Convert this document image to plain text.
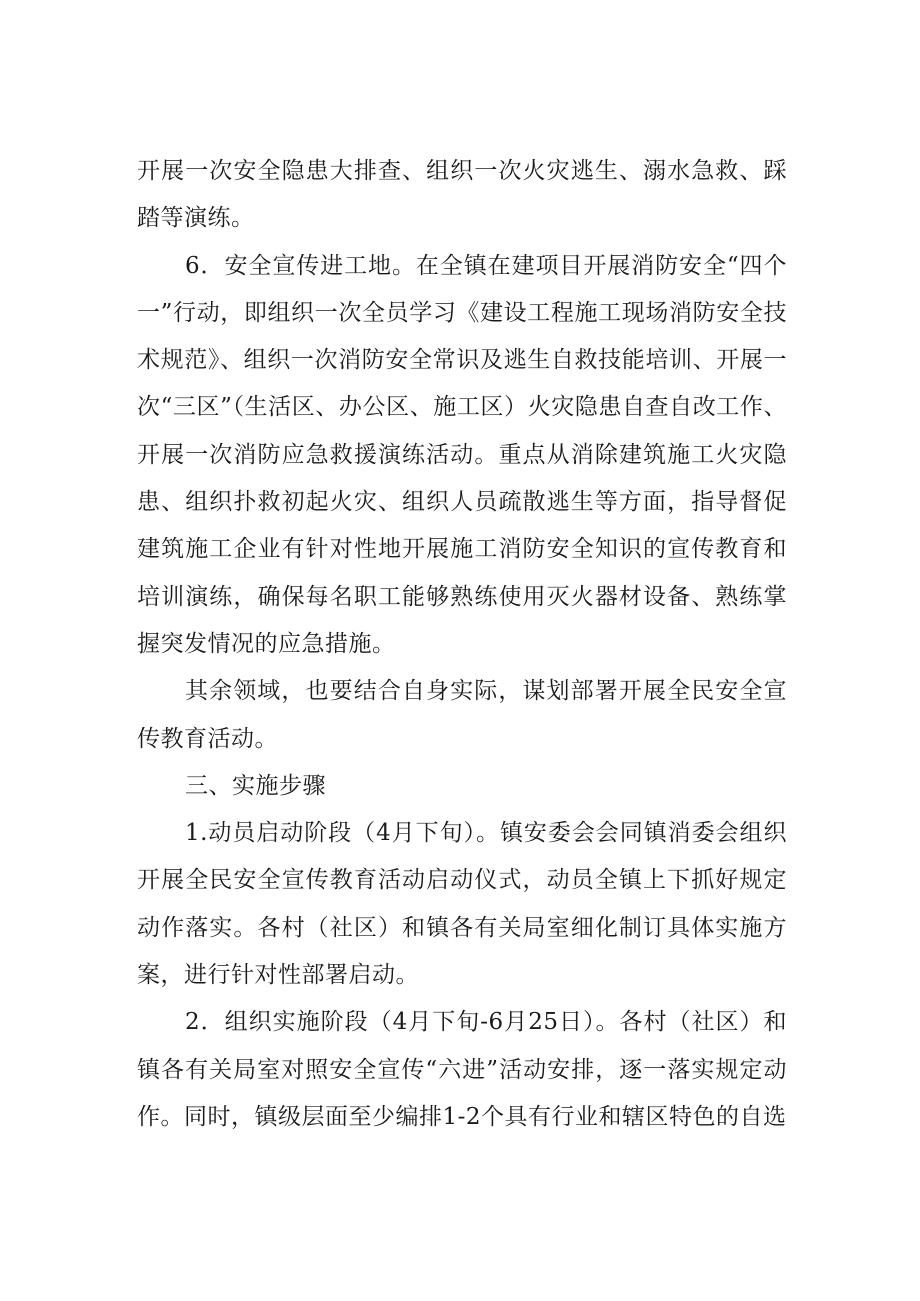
开展一次安全隐患大排查、组织一次火灾逃生、溺水急救、踩踏等演练。

6．安全宣传进工地。在全镇在建项目开展消防安全“四个一”行动，即组织一次全员学习《建设工程施工现场消防安全技术规范》、组织一次消防安全常识及逃生自救技能培训、开展一次“三区”（生活区、办公区、施工区）火灾隐患自查自改工作、开展一次消防应急救援演练活动。重点从消除建筑施工火灾隐患、组织扑救初起火灾、组织人员疏散逃生等方面，指导督促建筑施工企业有针对性地开展施工消防安全知识的宣传教育和培训演练，确保每名职工能够熟练使用灭火器材设备、熟练掌握突发情况的应急措施。

其余领域，也要结合自身实际，谋划部署开展全民安全宣传教育活动。

三、实施步骤

1.动员启动阶段（4月下旬）。镇安委会会同镇消委会组织开展全民安全宣传教育活动启动仪式，动员全镇上下抓好规定动作落实。各村（社区）和镇各有关局室细化制订具体实施方案，进行针对性部署启动。

2．组织实施阶段（4月下旬-6月25日）。各村（社区）和镇各有关局室对照安全宣传“六进”活动安排，逐一落实规定动作。同时，镇级层面至少编排1-2个具有行业和辖区特色的自选
